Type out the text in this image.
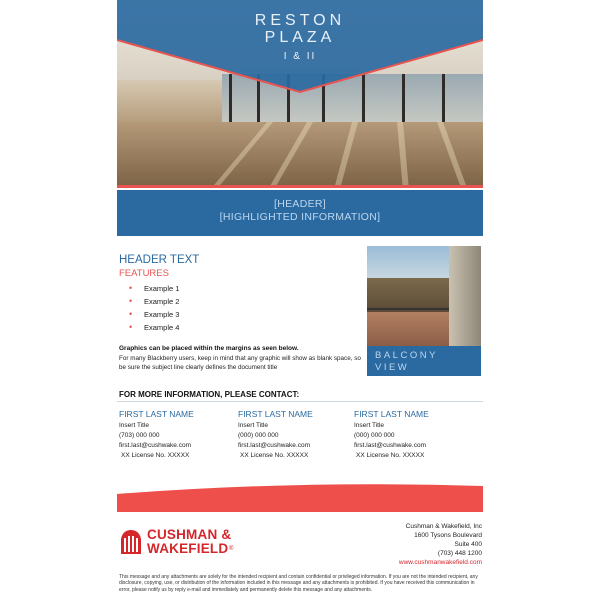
RESTON
PLAZA
I & II
[HEADER]
[HIGHLIGHTED INFORMATION]
HEADER TEXT
FEATURES
• Example 1
• Example 2
• Example 3
• Example 4
Graphics can be placed within the margins as seen below.
For many Blackberry users, keep in mind that any graphic will show as blank space, so be sure the subject line clearly defines the document title
BALCONY
VIEW
FOR MORE INFORMATION, PLEASE CONTACT:
FIRST LAST NAME
Insert Title
(703) 000 000
first.last@cushwake.com
XX License No. XXXXX
FIRST LAST NAME
Insert Title
(000) 000 000
first.last@cushwake.com
XX License No. XXXXX
FIRST LAST NAME
Insert Title
(000) 000 000
first.last@cushwake.com
XX License No. XXXXX
CUSHMAN &
WAKEFIELD ®
Cushman & Wakefield, Inc
1600 Tysons Boulevard
Suite 400
(703) 448 1200
www.cushmanwakefield.com
This message and any attachments are solely for the intended recipient and contain confidential or privileged information. If you are not the intended recipient, any disclosure, copying, use, or distribution of the information included in this message and any attachments is prohibited. If you have received this communication in error, please notify us by reply e-mail and immediately and permanently delete this message and any attachments.
